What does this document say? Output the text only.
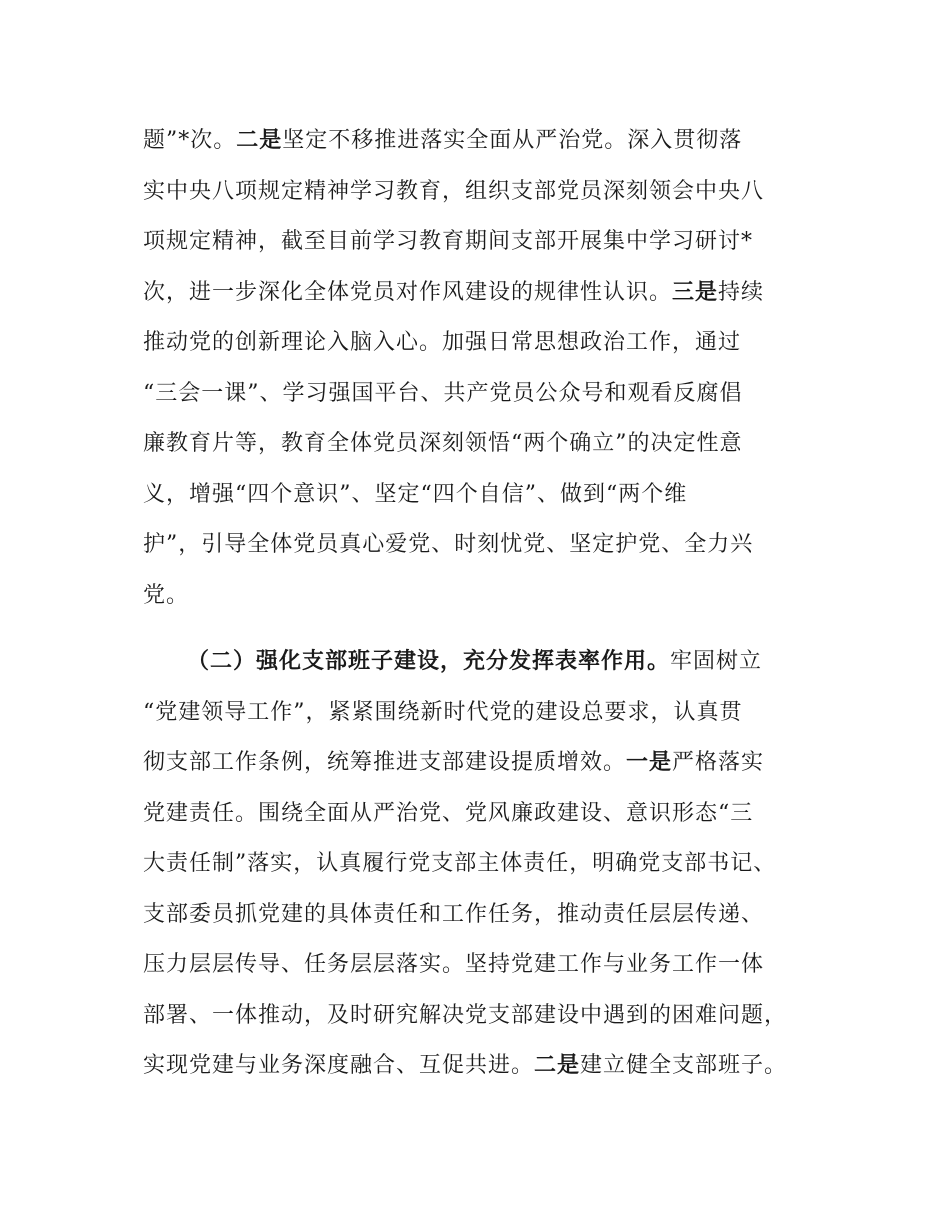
题”*次。二是坚定不移推进落实全面从严治党。深入贯彻落
实中央八项规定精神学习教育，组织支部党员深刻领会中央八
项规定精神，截至目前学习教育期间支部开展集中学习研讨*
次，进一步深化全体党员对作风建设的规律性认识。三是持续
推动党的创新理论入脑入心。加强日常思想政治工作，通过
“三会一课”、学习强国平台、共产党员公众号和观看反腐倡
廉教育片等，教育全体党员深刻领悟“两个确立”的决定性意
义，增强“四个意识”、坚定“四个自信”、做到“两个维
护”，引导全体党员真心爱党、时刻忧党、坚定护党、全力兴
党。
（二）强化支部班子建设，充分发挥表率作用。牢固树立
“党建领导工作”，紧紧围绕新时代党的建设总要求，认真贯
彻支部工作条例，统筹推进支部建设提质增效。一是严格落实
党建责任。围绕全面从严治党、党风廉政建设、意识形态“三
大责任制”落实，认真履行党支部主体责任，明确党支部书记、
支部委员抓党建的具体责任和工作任务，推动责任层层传递、
压力层层传导、任务层层落实。坚持党建工作与业务工作一体
部署、一体推动，及时研究解决党支部建设中遇到的困难问题，
实现党建与业务深度融合、互促共进。二是建立健全支部班子。
